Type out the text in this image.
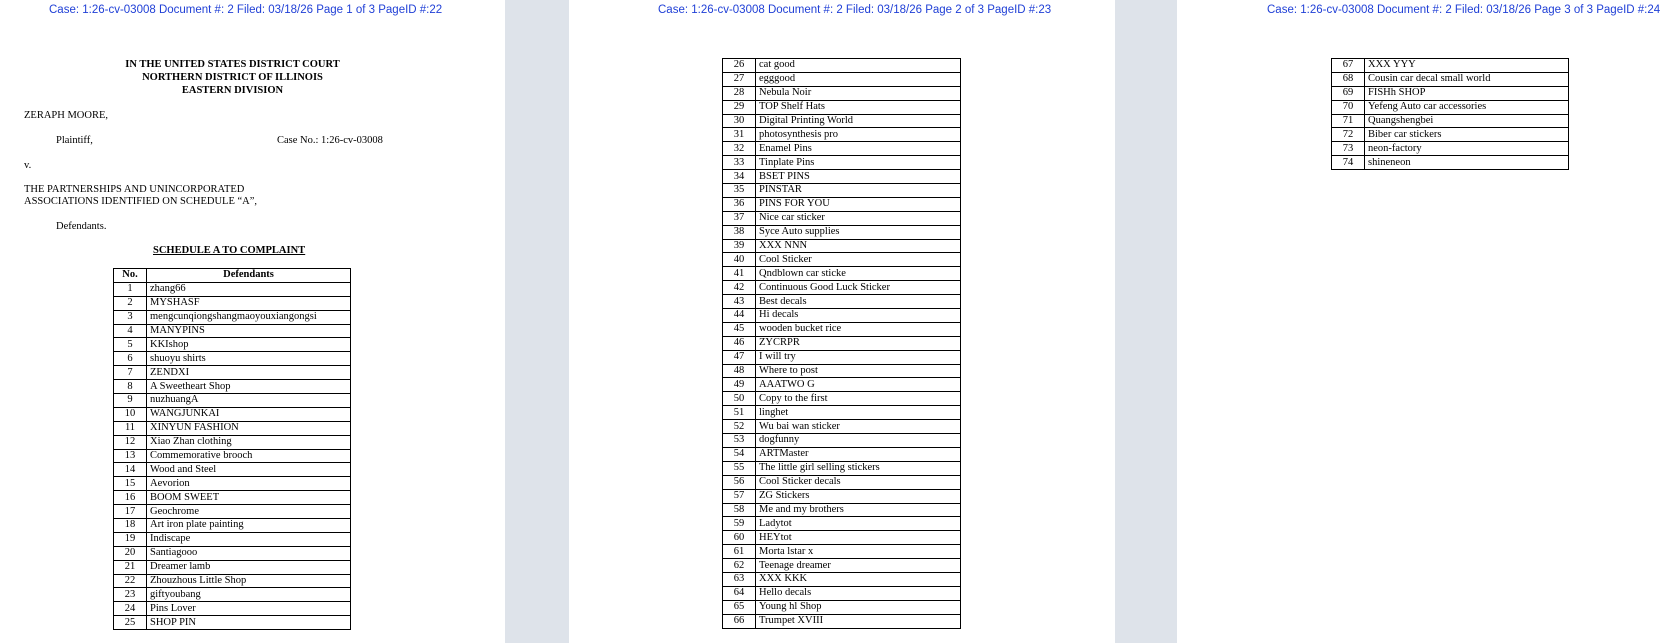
Case: 1:26-cv-03008 Document #: 2 Filed: 03/18/26 Page 1 of 3 PageID #:22
IN THE UNITED STATES DISTRICT COURT
NORTHERN DISTRICT OF ILLINOIS
EASTERN DIVISION
ZERAPH MOORE,
Plaintiff,	Case No.: 1:26-cv-03008
v.
THE PARTNERSHIPS AND UNINCORPORATED
ASSOCIATIONS IDENTIFIED ON SCHEDULE “A”,
Defendants.
SCHEDULE A TO COMPLAINT
No.	Defendants
1	zhang66
2	MYSHASF
3	mengcunqiongshangmaoyouxiangongsi
4	MANYPINS
5	KKIshop
6	shuoyu shirts
7	ZENDXI
8	A Sweetheart Shop
9	nuzhuangA
10	WANGJUNKAI
11	XINYUN FASHION
12	Xiao Zhan clothing
13	Commemorative brooch
14	Wood and Steel
15	Aevorion
16	BOOM SWEET
17	Geochrome
18	Art iron plate painting
19	Indiscape
20	Santiagooo
21	Dreamer lamb
22	Zhouzhous Little Shop
23	giftyoubang
24	Pins Lover
25	SHOP PIN
Case: 1:26-cv-03008 Document #: 2 Filed: 03/18/26 Page 2 of 3 PageID #:23
26	cat good
27	egggood
28	Nebula Noir
29	TOP Shelf Hats
30	Digital Printing World
31	photosynthesis pro
32	Enamel Pins
33	Tinplate Pins
34	BSET PINS
35	PINSTAR
36	PINS FOR YOU
37	Nice car sticker
38	Syce Auto supplies
39	XXX NNN
40	Cool Sticker
41	Qndblown car sticke
42	Continuous Good Luck Sticker
43	Best decals
44	Hi decals
45	wooden bucket rice
46	ZYCRPR
47	I will try
48	Where to post
49	AAATWO G
50	Copy to the first
51	linghet
52	Wu bai wan sticker
53	dogfunny
54	ARTMaster
55	The little girl selling stickers
56	Cool Sticker decals
57	ZG Stickers
58	Me and my brothers
59	Ladytot
60	HEYtot
61	Morta lstar x
62	Teenage dreamer
63	XXX KKK
64	Hello decals
65	Young hl Shop
66	Trumpet XVIII
Case: 1:26-cv-03008 Document #: 2 Filed: 03/18/26 Page 3 of 3 PageID #:24
67	XXX YYY
68	Cousin car decal small world
69	FISHh SHOP
70	Yefeng Auto car accessories
71	Quangshengbei
72	Biber car stickers
73	neon-factory
74	shineneon
